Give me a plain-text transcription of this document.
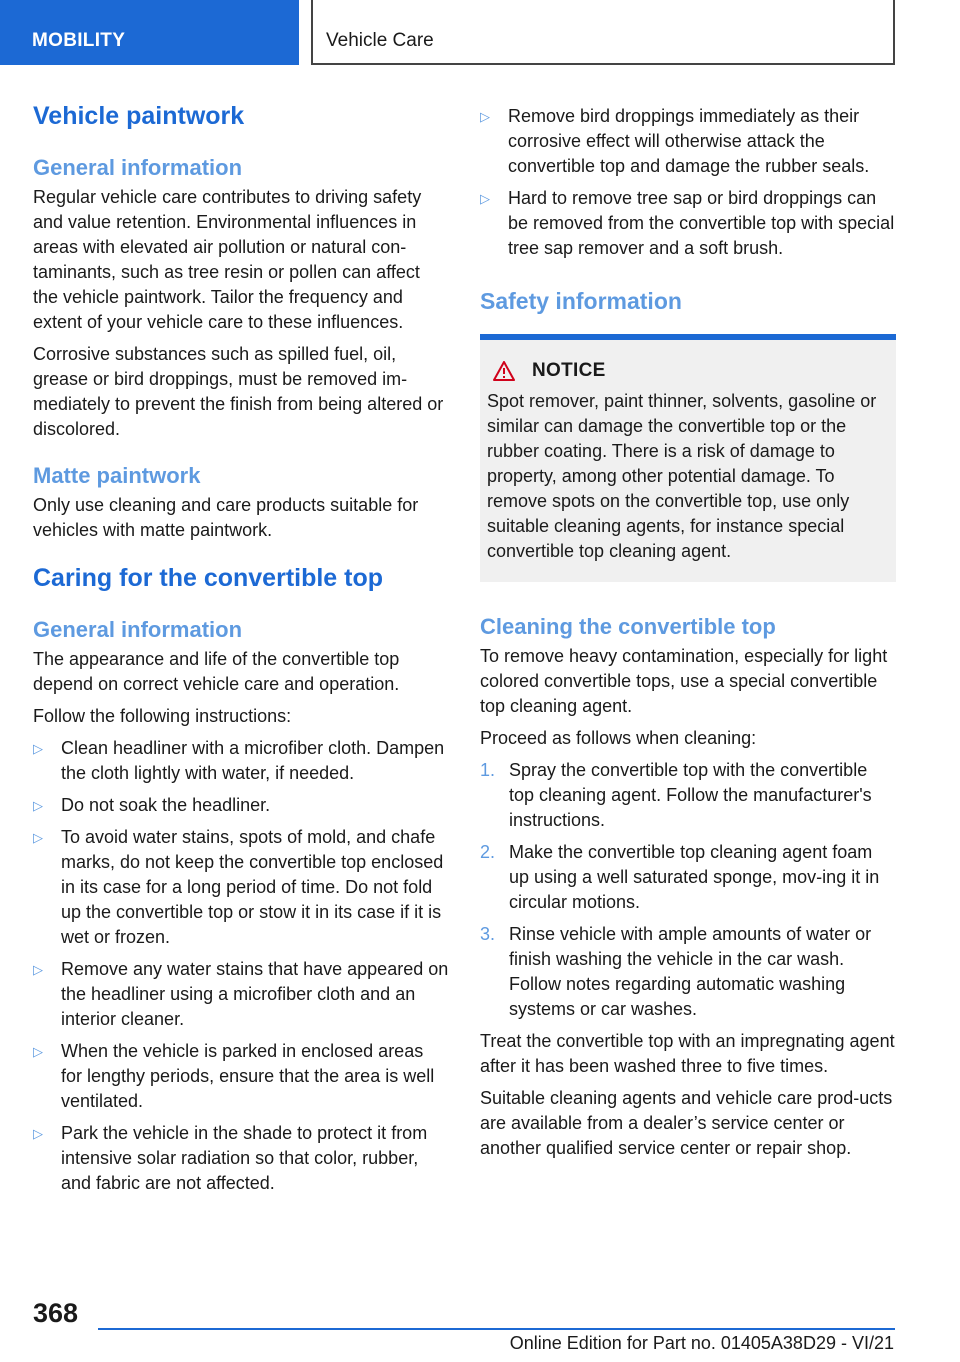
MOBILITY	Vehicle Care
Vehicle paintwork
General information

Regular vehicle care contributes to driving safety and value retention. Environmental influences in areas with elevated air pollution or natural con-taminants, such as tree resin or pollen can affect the vehicle paintwork. Tailor the frequency and extent of your vehicle care to these influences.

Corrosive substances such as spilled fuel, oil, grease or bird droppings, must be removed im-mediately to prevent the finish from being altered or discolored.

Matte paintwork

Only use cleaning and care products suitable for vehicles with matte paintwork.

Caring for the convertible top
General information

The appearance and life of the convertible top depend on correct vehicle care and operation.

Follow the following instructions:

▷ Clean headliner with a microfiber cloth. Dampen the cloth lightly with water, if needed.
▷ Do not soak the headliner.
▷ To avoid water stains, spots of mold, and chafe marks, do not keep the convertible top enclosed in its case for a long period of time. Do not fold up the convertible top or stow it in its case if it is wet or frozen.
▷ Remove any water stains that have appeared on the headliner using a microfiber cloth and an interior cleaner.
▷ When the vehicle is parked in enclosed areas for lengthy periods, ensure that the area is well ventilated.
▷ Park the vehicle in the shade to protect it from intensive solar radiation so that color, rubber, and fabric are not affected.
▷ Remove bird droppings immediately as their corrosive effect will otherwise attack the convertible top and damage the rubber seals.
▷ Hard to remove tree sap or bird droppings can be removed from the convertible top with special tree sap remover and a soft brush.
Safety information
NOTICE

Spot remover, paint thinner, solvents, gasoline or similar can damage the convertible top or the rubber coating. There is a risk of damage to property, among other potential damage. To remove spots on the convertible top, use only suitable cleaning agents, for instance special convertible top cleaning agent.

Cleaning the convertible top

To remove heavy contamination, especially for light colored convertible tops, use a special convertible top cleaning agent.

Proceed as follows when cleaning:

1. Spray the convertible top with the convertible top cleaning agent. Follow the manufacturer's instructions.
2. Make the convertible top cleaning agent foam up using a well saturated sponge, mov-ing it in circular motions.
3. Rinse vehicle with ample amounts of water or finish washing the vehicle in the car wash. Follow notes regarding automatic washing systems or car washes.

Treat the convertible top with an impregnating agent after it has been washed three to five times.

Suitable cleaning agents and vehicle care prod-ucts are available from a dealer’s service center or another qualified service center or repair shop.

368
Online Edition for Part no. 01405A38D29 - VI/21
